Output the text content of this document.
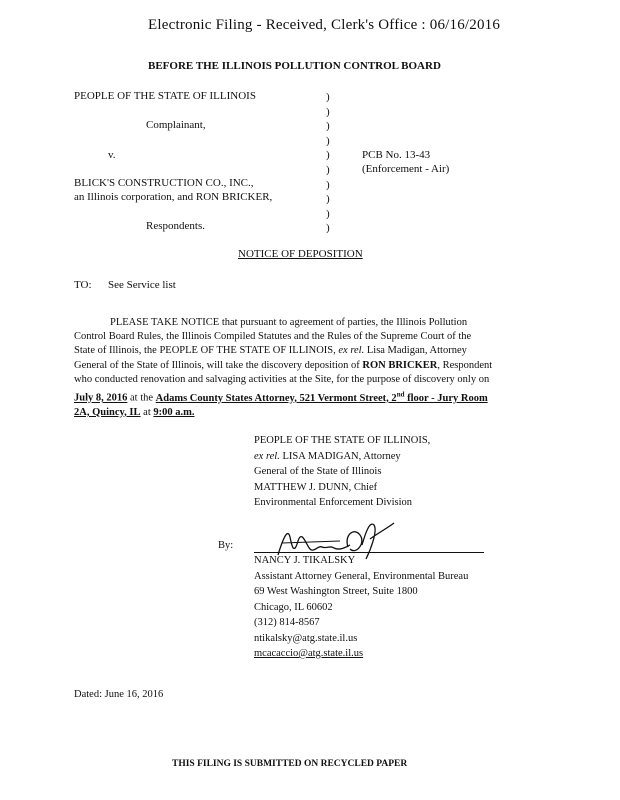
Electronic Filing - Received, Clerk's Office : 06/16/2016
BEFORE THE ILLINOIS POLLUTION CONTROL BOARD
PEOPLE OF THE STATE OF ILLINOIS
Complainant,
v.
BLICK'S CONSTRUCTION CO., INC.,
an Illinois corporation, and RON BRICKER,
Respondents.
)
)
)
)
)
)
)
)
)
)
PCB No. 13-43
(Enforcement - Air)
NOTICE OF DEPOSITION
TO: See Service list
PLEASE TAKE NOTICE that pursuant to agreement of parties, the Illinois Pollution
Control Board Rules, the Illinois Compiled Statutes and the Rules of the Supreme Court of the
State of Illinois, the PEOPLE OF THE STATE OF ILLINOIS, ex rel. Lisa Madigan, Attorney
General of the State of Illinois, will take the discovery deposition of RON BRICKER, Respondent
who conducted renovation and salvaging activities at the Site, for the purpose of discovery only on
July 8, 2016 at the Adams County States Attorney, 521 Vermont Street, 2nd floor - Jury Room
2A, Quincy, IL at 9:00 a.m.
PEOPLE OF THE STATE OF ILLINOIS,
ex rel. LISA MADIGAN, Attorney
General of the State of Illinois
MATTHEW J. DUNN, Chief
Environmental Enforcement Division
By:
NANCY J. TIKALSKY
Assistant Attorney General, Environmental Bureau
69 West Washington Street, Suite 1800
Chicago, IL 60602
(312) 814-8567
ntikalsky@atg.state.il.us
mcacaccio@atg.state.il.us
Dated: June 16, 2016
THIS FILING IS SUBMITTED ON RECYCLED PAPER
